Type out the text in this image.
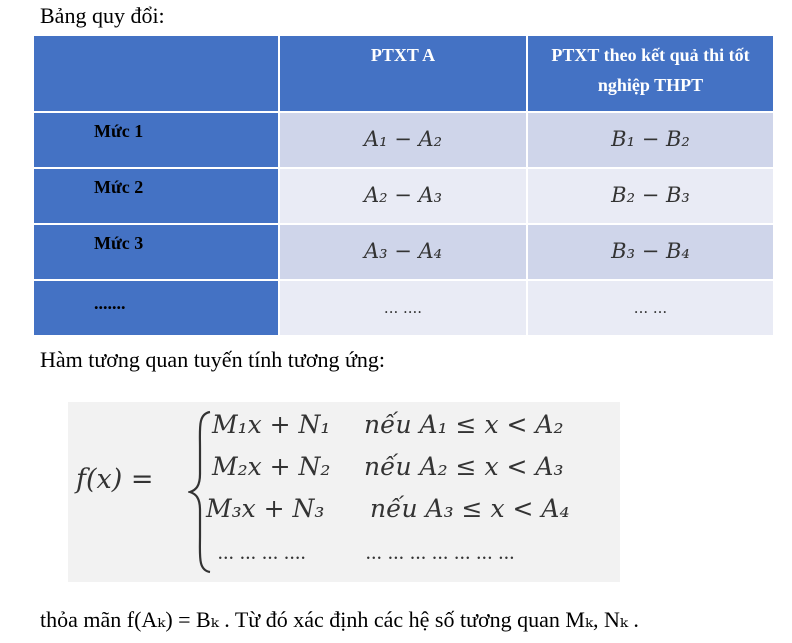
Bảng quy đổi:

	PTXT A	PTXT theo kết quả thi tốt nghiệp THPT

Mức 1	A₁ − A₂	B₁ − B₂

Mức 2	A₂ − A₃	B₂ − B₃

Mức 3	A₃ − A₄	B₃ − B₄

.......	... ....	... ...
Hàm tương quan tuyến tính tương ứng:
f(x) =
M₁x + N₁ nếu A₁ ≤ x < A₂
M₂x + N₂ nếu A₂ ≤ x < A₃
M₃x + N₃ nếu A₃ ≤ x < A₄
... ... ... ....	... ... ... ... ... ... ...
thỏa mãn f(Aₖ) = Bₖ . Từ đó xác định các hệ số tương quan Mₖ, Nₖ .
